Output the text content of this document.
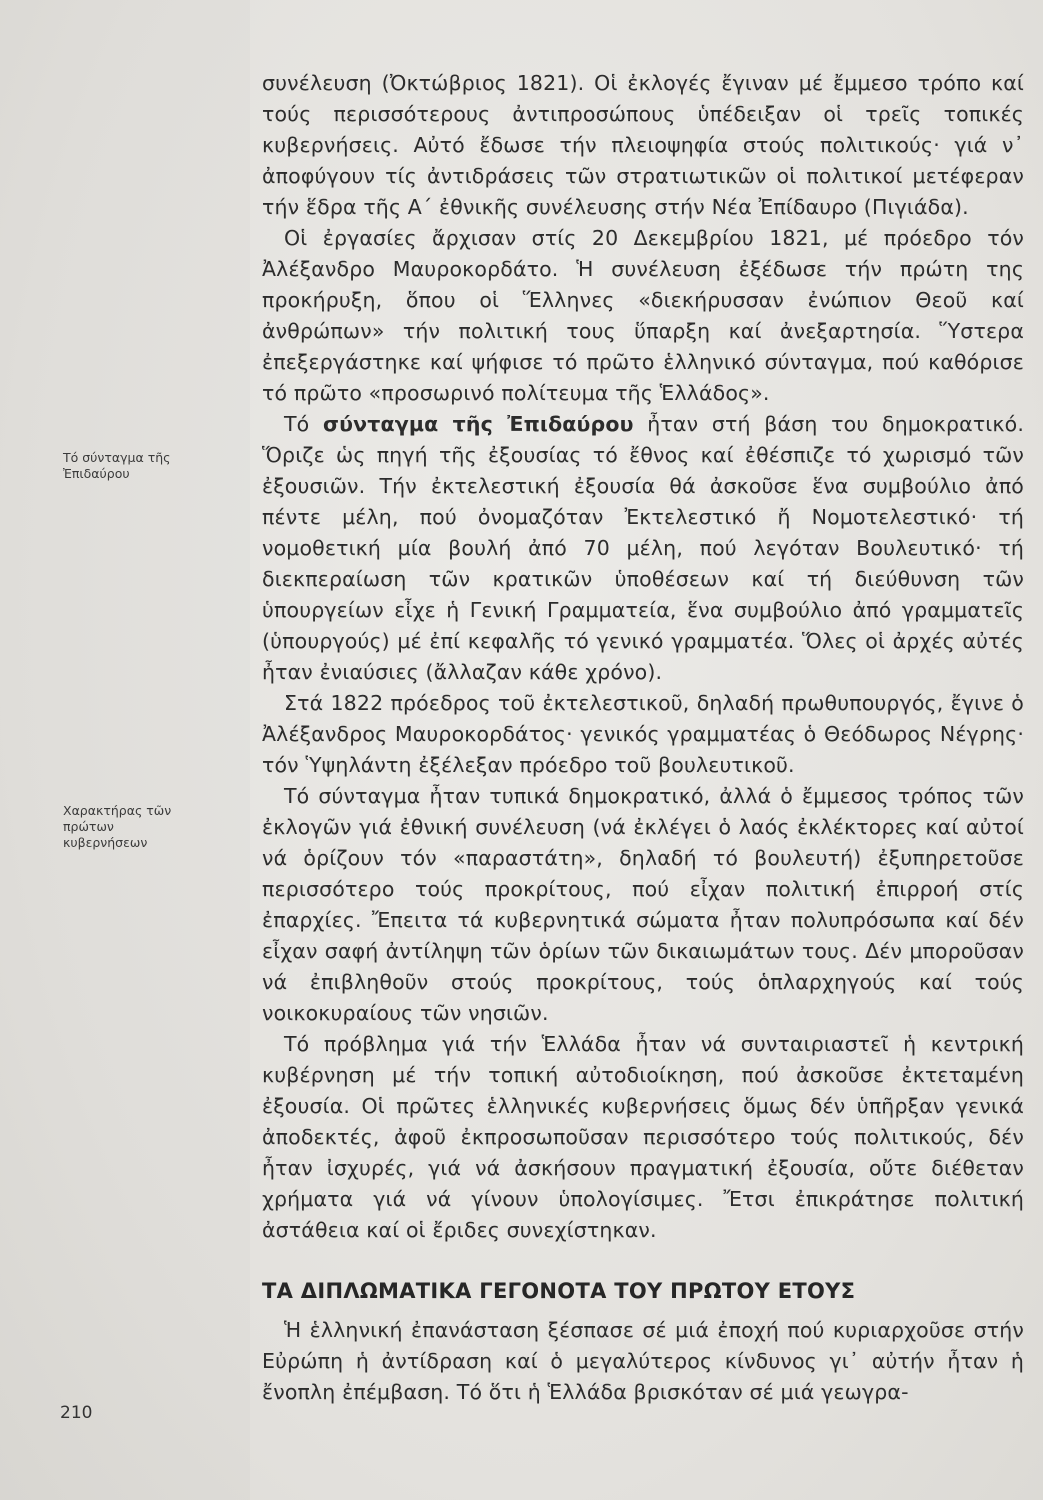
Τό σύνταγμα τῆς
Ἐπιδαύρου
Χαρακτήρας τῶν
πρώτων
κυβερνήσεων

συνέλευση (Ὀκτώβριος 1821). Οἱ ἐκλογές ἔγιναν μέ ἔμμεσο τρόπο καί τούς περισσότερους ἀντιπροσώπους ὑπέδειξαν οἱ τρεῖς τοπικές κυβερνήσεις. Αὐτό ἔδωσε τήν πλειοψηφία στούς πολιτικούς· γιά ν᾿ ἀποφύγουν τίς ἀντιδράσεις τῶν στρατιωτικῶν οἱ πολιτικοί μετέφεραν τήν ἕδρα τῆς Α΄ ἐθνικῆς συνέλευσης στήν Νέα Ἐπίδαυρο (Πιγιάδα).

Οἱ ἐργασίες ἄρχισαν στίς 20 Δεκεμβρίου 1821, μέ πρόεδρο τόν Ἀλέξανδρο Μαυροκορδάτο. Ἡ συνέλευση ἐξέδωσε τήν πρώτη της προκήρυξη, ὅπου οἱ Ἕλληνες «διεκήρυσσαν ἐνώπιον Θεοῦ καί ἀνθρώπων» τήν πολιτική τους ὕπαρξη καί ἀνεξαρτησία. Ὕστερα ἐπεξεργάστηκε καί ψήφισε τό πρῶτο ἑλληνικό σύνταγμα, πού καθόρισε τό πρῶτο «προσωρινό πολίτευμα τῆς Ἑλλάδος».

Τό σύνταγμα τῆς Ἐπιδαύρου ἦταν στή βάση του δημοκρατικό. Ὅριζε ὡς πηγή τῆς ἐξουσίας τό ἔθνος καί ἐθέσπιζε τό χωρισμό τῶν ἐξουσιῶν. Τήν ἐκτελεστική ἐξουσία θά ἀσκοῦσε ἕνα συμβούλιο ἀπό πέντε μέλη, πού ὀνομαζόταν Ἐκτελεστικό ἤ Νομοτελεστικό· τή νομοθετική μία βουλή ἀπό 70 μέλη, πού λεγόταν Βουλευτικό· τή διεκπεραίωση τῶν κρατικῶν ὑποθέσεων καί τή διεύθυνση τῶν ὑπουργείων εἶχε ἡ Γενική Γραμματεία, ἕνα συμβούλιο ἀπό γραμματεῖς (ὑπουργούς) μέ ἐπί κεφαλῆς τό γενικό γραμματέα. Ὅλες οἱ ἀρχές αὐτές ἦταν ἐνιαύσιες (ἄλλαζαν κάθε χρόνο).

Στά 1822 πρόεδρος τοῦ ἐκτελεστικοῦ, δηλαδή πρωθυπουργός, ἔγινε ὁ Ἀλέξανδρος Μαυροκορδάτος· γενικός γραμματέας ὁ Θεόδωρος Νέγρης· τόν Ὑψηλάντη ἐξέλεξαν πρόεδρο τοῦ βουλευτικοῦ.

Τό σύνταγμα ἦταν τυπικά δημοκρατικό, ἀλλά ὁ ἔμμεσος τρόπος τῶν ἐκλογῶν γιά ἐθνική συνέλευση (νά ἐκλέγει ὁ λαός ἐκλέκτορες καί αὐτοί νά ὁρίζουν τόν «παραστάτη», δηλαδή τό βουλευτή) ἐξυπηρετοῦσε περισσότερο τούς προκρίτους, πού εἶχαν πολιτική ἐπιρροή στίς ἐπαρχίες. Ἔπειτα τά κυβερνητικά σώματα ἦταν πολυπρόσωπα καί δέν εἶχαν σαφή ἀντίληψη τῶν ὁρίων τῶν δικαιωμάτων τους. Δέν μποροῦσαν νά ἐπιβληθοῦν στούς προκρίτους, τούς ὁπλαρχηγούς καί τούς νοικοκυραίους τῶν νησιῶν.

Τό πρόβλημα γιά τήν Ἑλλάδα ἦταν νά συνταιριαστεῖ ἡ κεντρική κυβέρνηση μέ τήν τοπική αὐτοδιοίκηση, πού ἀσκοῦσε ἐκτεταμένη ἐξουσία. Οἱ πρῶτες ἑλληνικές κυβερνήσεις ὅμως δέν ὑπῆρξαν γενικά ἀποδεκτές, ἀφοῦ ἐκπροσωποῦσαν περισσότερο τούς πολιτικούς, δέν ἦταν ἰσχυρές, γιά νά ἀσκήσουν πραγματική ἐξουσία, οὔτε διέθεταν χρήματα γιά νά γίνουν ὑπολογίσιμες. Ἔτσι ἐπικράτησε πολιτική ἀστάθεια καί οἱ ἔριδες συνεχίστηκαν.

ΤΑ ΔΙΠΛΩΜΑΤΙΚΑ ΓΕΓΟΝΟΤΑ ΤΟΥ ΠΡΩΤΟΥ ΕΤΟΥΣ

Ἡ ἑλληνική ἐπανάσταση ξέσπασε σέ μιά ἐποχή πού κυριαρχοῦσε στήν Εὐρώπη ἡ ἀντίδραση καί ὁ μεγαλύτερος κίνδυνος γι᾿ αὐτήν ἦταν ἡ ἔνοπλη ἐπέμβαση. Τό ὅτι ἡ Ἑλλάδα βρισκόταν σέ μιά γεωγρα-

210
